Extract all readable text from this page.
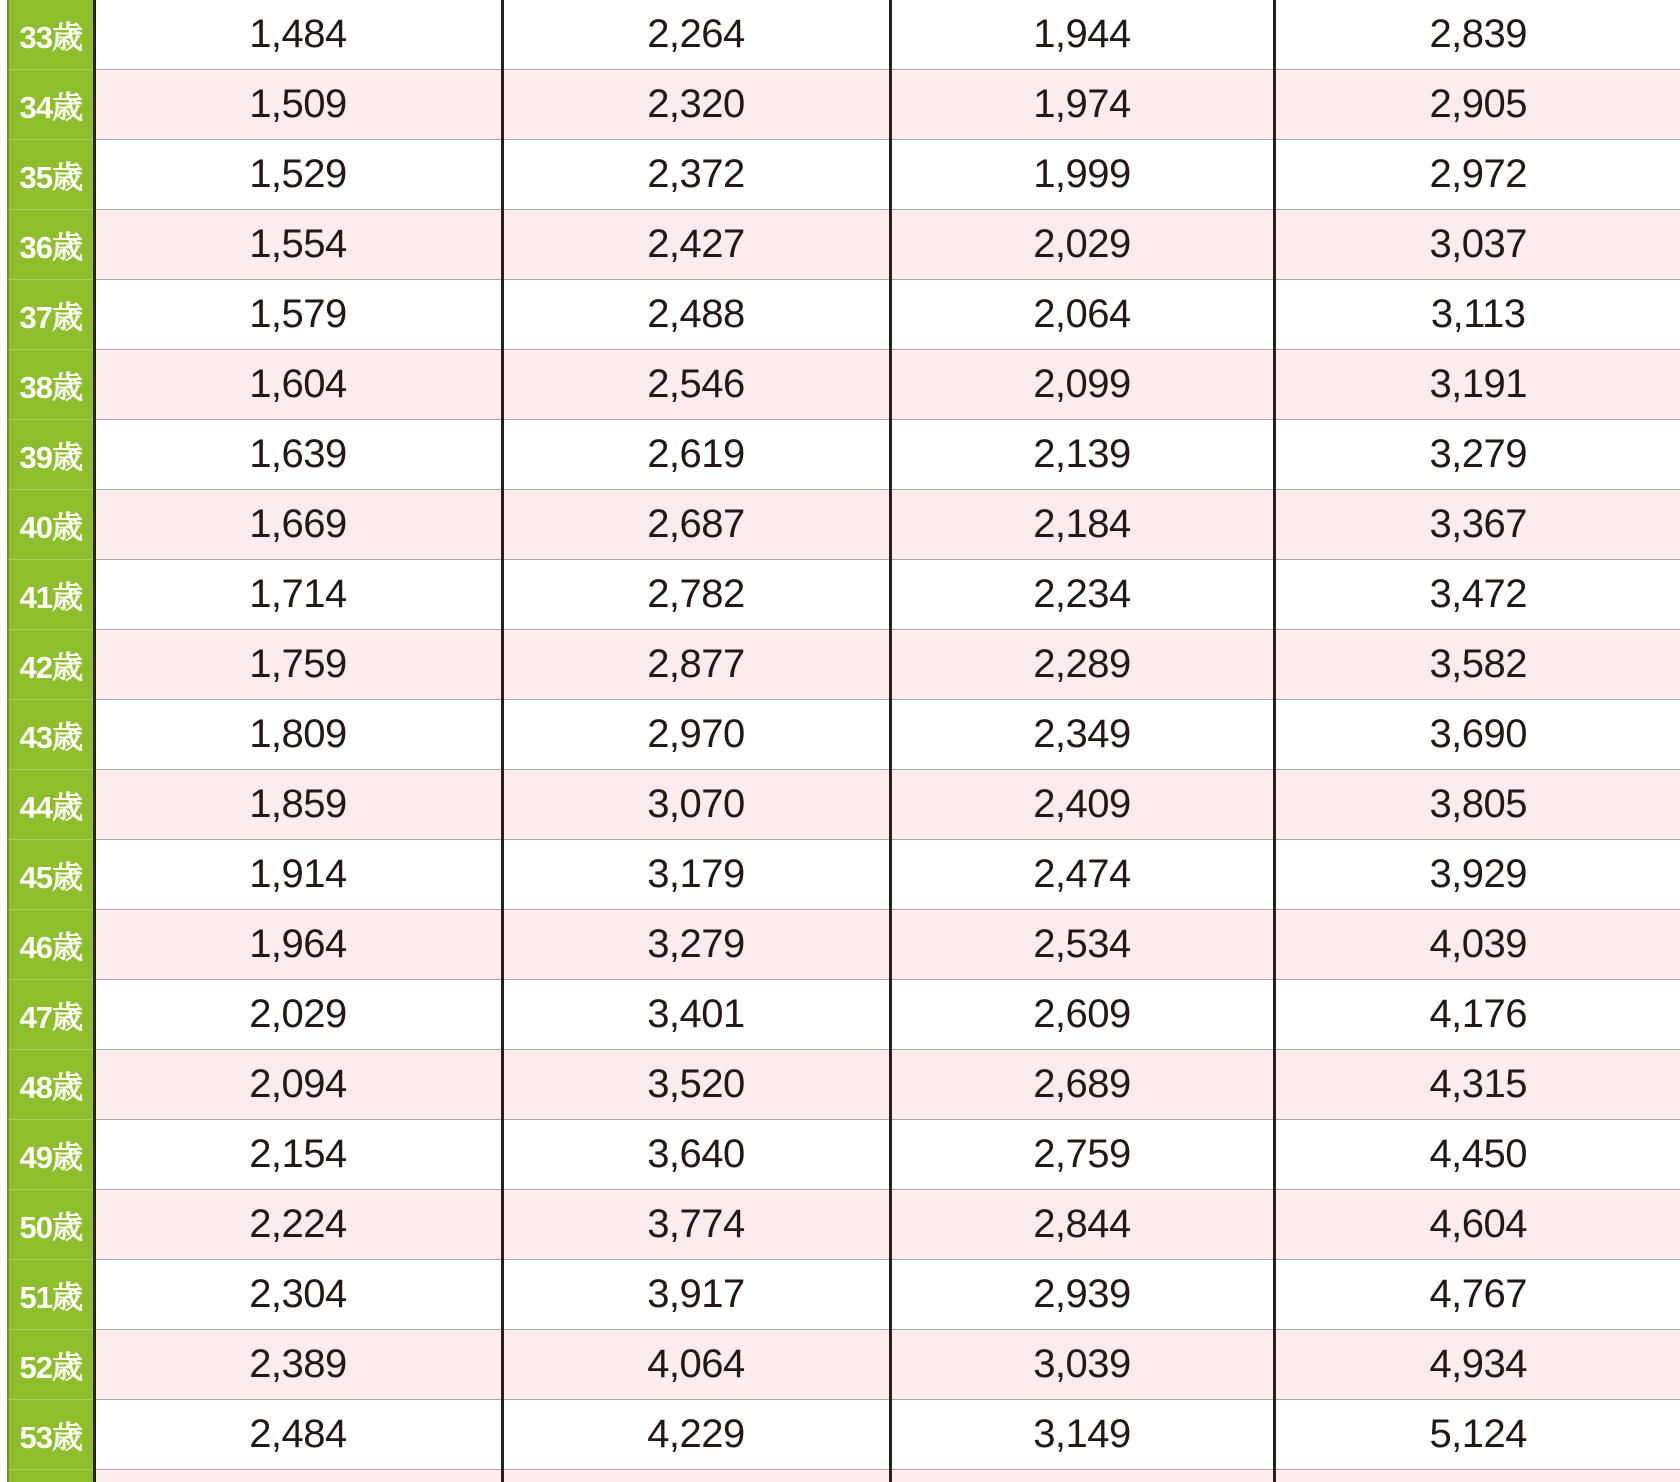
33歳	1,484	2,264	1,944	2,839
34歳	1,509	2,320	1,974	2,905
35歳	1,529	2,372	1,999	2,972
36歳	1,554	2,427	2,029	3,037
37歳	1,579	2,488	2,064	3,113
38歳	1,604	2,546	2,099	3,191
39歳	1,639	2,619	2,139	3,279
40歳	1,669	2,687	2,184	3,367
41歳	1,714	2,782	2,234	3,472
42歳	1,759	2,877	2,289	3,582
43歳	1,809	2,970	2,349	3,690
44歳	1,859	3,070	2,409	3,805
45歳	1,914	3,179	2,474	3,929
46歳	1,964	3,279	2,534	4,039
47歳	2,029	3,401	2,609	4,176
48歳	2,094	3,520	2,689	4,315
49歳	2,154	3,640	2,759	4,450
50歳	2,224	3,774	2,844	4,604
51歳	2,304	3,917	2,939	4,767
52歳	2,389	4,064	3,039	4,934
53歳	2,484	4,229	3,149	5,124
